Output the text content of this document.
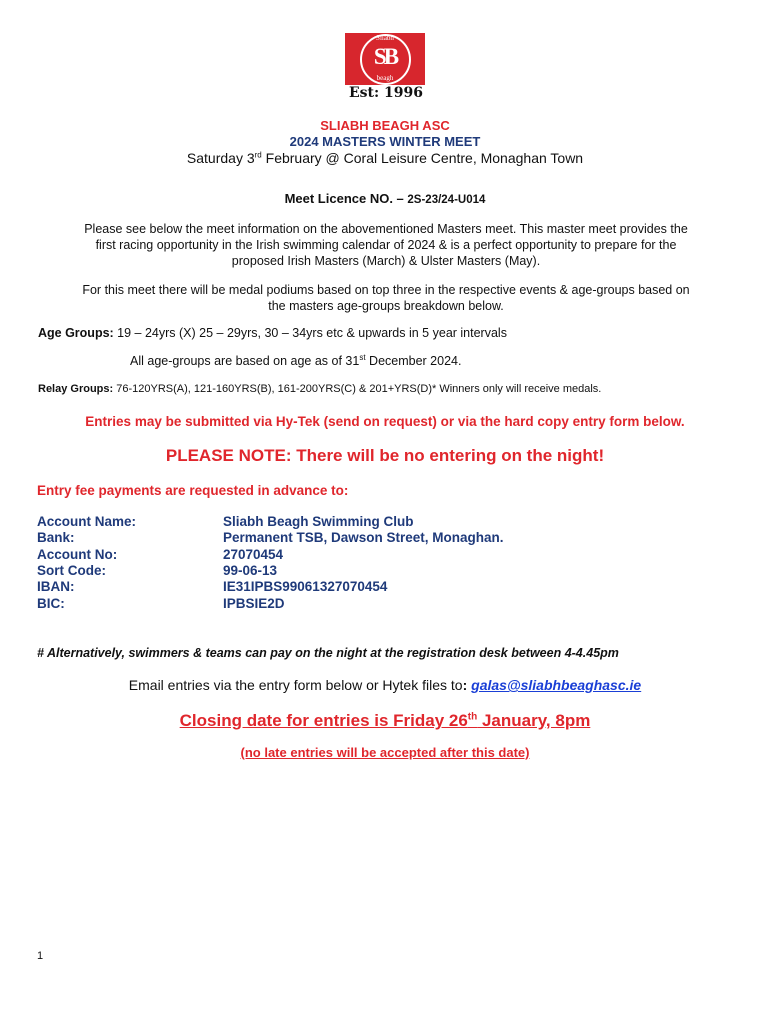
Sliabh
SB
beagh
Est: 1996
SLIABH BEAGH ASC
2024 MASTERS WINTER MEET
Saturday 3rd February @ Coral Leisure Centre, Monaghan Town
Meet Licence NO. – 2S-23/24-U014
Please see below the meet information on the abovementioned Masters meet. This master meet provides the
first racing opportunity in the Irish swimming calendar of 2024 & is a perfect opportunity to prepare for the
proposed Irish Masters (March) & Ulster Masters (May).
For this meet there will be medal podiums based on top three in the respective events & age-groups based on
the masters age-groups breakdown below.
Age Groups: 19 – 24yrs (X) 25 – 29yrs, 30 – 34yrs etc & upwards in 5 year intervals
All age-groups are based on age as of 31st December 2024.
Relay Groups: 76-120YRS(A), 121-160YRS(B), 161-200YRS(C) & 201+YRS(D)* Winners only will receive medals.
Entries may be submitted via Hy-Tek (send on request) or via the hard copy entry form below.
PLEASE NOTE: There will be no entering on the night!
Entry fee payments are requested in advance to:
Account Name:	Sliabh Beagh Swimming Club
Bank:	Permanent TSB, Dawson Street, Monaghan.
Account No:	27070454
Sort Code:	99-06-13
IBAN:	IE31IPBS99061327070454
BIC:	IPBSIE2D
# Alternatively, swimmers & teams can pay on the night at the registration desk between 4-4.45pm
Email entries via the entry form below or Hytek files to: galas@sliabhbeaghasc.ie
Closing date for entries is Friday 26th January, 8pm
(no late entries will be accepted after this date)
1
